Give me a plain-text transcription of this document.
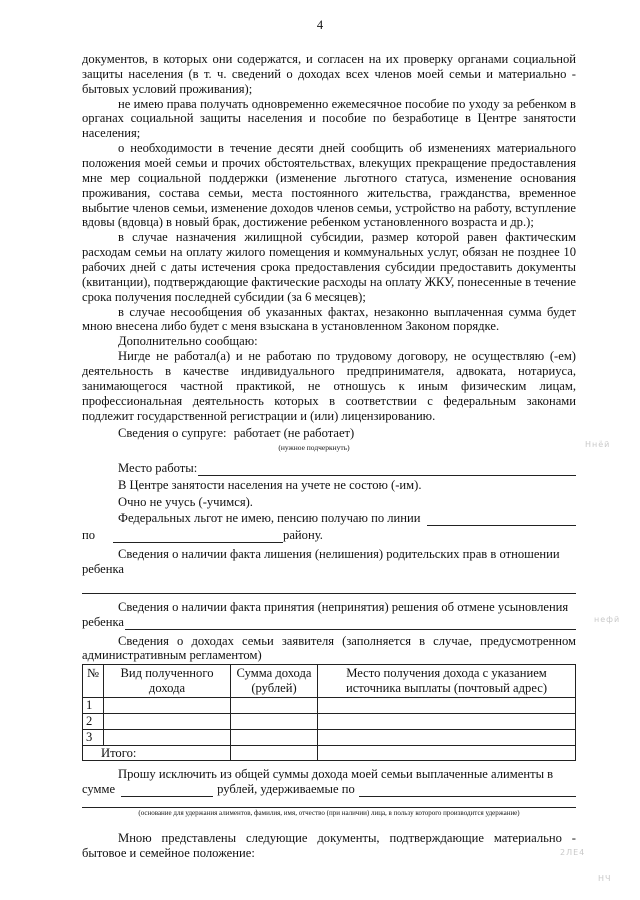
4

документов, в которых они содержатся, и согласен на их проверку органами социальной защиты населения (в т. ч. сведений о доходах всех членов моей семьи и материально - бытовых условий проживания);

не имею права получать одновременно ежемесячное пособие по уходу за ребенком в органах социальной защиты населения и пособие по безработице в Центре занятости населения;

о необходимости в течение десяти дней сообщить об изменениях материального положения моей семьи и прочих обстоятельствах, влекущих прекращение предоставления мне мер социальной поддержки (изменение льготного статуса, изменение основания проживания, состава семьи, места постоянного жительства, гражданства, временное выбытие членов семьи, изменение доходов членов семьи, устройство на работу, вступление вдовы (вдовца) в новый брак, достижение ребенком установленного возраста и др.);

в случае назначения жилищной субсидии, размер которой равен фактическим расходам семьи на оплату жилого помещения и коммунальных услуг, обязан не позднее 10 рабочих дней с даты истечения срока предоставления субсидии предоставить документы (квитанции), подтверждающие фактические расходы на оплату ЖКУ, понесенные в течение срока получения последней субсидии (за 6 месяцев);

в случае несообщения об указанных фактах, незаконно выплаченная сумма будет мною внесена либо будет с меня взыскана в установленном Законом порядке.

Дополнительно сообщаю:

Нигде не работал(а) и не работаю по трудовому договору, не осуществляю (-ем) деятельность в качестве индивидуального предпринимателя, адвоката, нотариуса, занимающегося частной практикой, не отношусь к иным физическим лицам, профессиональная деятельность которых в соответствии с федеральным законами подлежит государственной регистрации и (или) лицензированию.

Сведения о супруге: работает (не работает)
(нужное подчеркнуть)
Место работы:

В Центре занятости населения на учете не состою (-им).

Очно не учусь (-учимся).

Федеральных льгот не имею, пенсию получаю по линии
по	району.

Сведения о наличии факта лишения (нелишения) родительских прав в отношении

ребенка

Сведения о наличии факта принятия (непринятия) решения об отмене усыновления

ребенка

Сведения о доходах семьи заявителя (заполняется в случае, предусмотренном административным регламентом)

№	Вид полученного дохода	Сумма дохода (рублей)	Место получения дохода с указанием источника выплаты (почтовый адрес)
1			
2			
3			
Итого:			

Прошу исключить из общей суммы дохода моей семьи выплаченные алименты в

сумме	рублей, удерживаемые по
(основание для удержания алиментов, фамилия, имя, отчество (при наличии) лица, в пользу которого производится удержание)

Мною представлены следующие документы, подтверждающие материально - бытовое и семейное положение:

Ннёй
нефй
2ЛЕ4
НЧ
